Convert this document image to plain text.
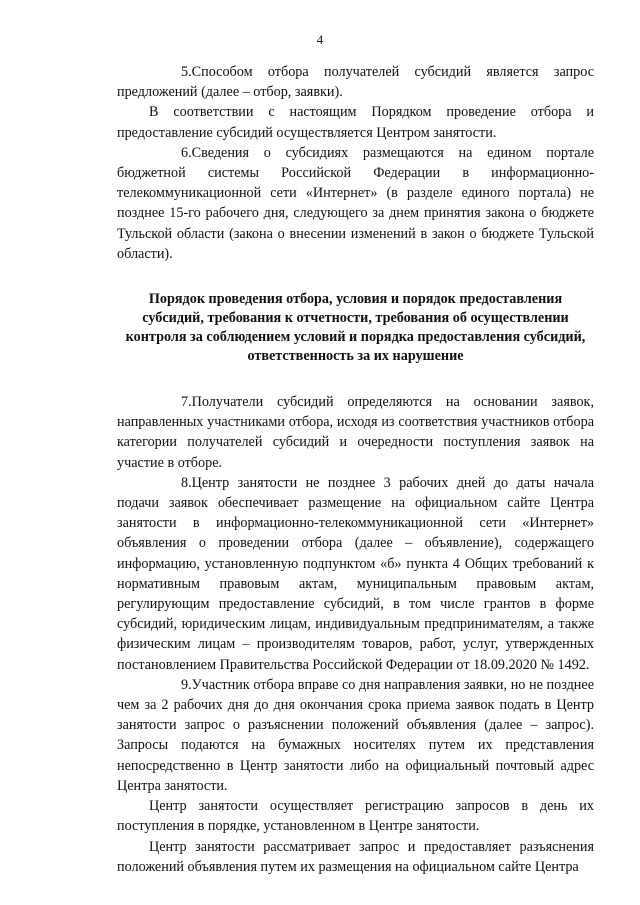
4

5.Способом отбора получателей субсидий является запрос предложений (далее – отбор, заявки).

В соответствии с настоящим Порядком проведение отбора и предоставление субсидий осуществляется Центром занятости.

6.Сведения о субсидиях размещаются на едином портале бюджетной системы Российской Федерации в информационно-телекоммуникационной сети «Интернет» (в разделе единого портала) не позднее 15-го рабочего дня, следующего за днем принятия закона о бюджете Тульской области (закона о внесении изменений в закон о бюджете Тульской области).

Порядок проведения отбора, условия и порядок предоставления субсидий, требования к отчетности, требования об осуществлении контроля за соблюдением условий и порядка предоставления субсидий, ответственность за их нарушение

7.Получатели субсидий определяются на основании заявок, направленных участниками отбора, исходя из соответствия участников отбора категории получателей субсидий и очередности поступления заявок на участие в отборе.

8.Центр занятости не позднее 3 рабочих дней до даты начала подачи заявок обеспечивает размещение на официальном сайте Центра занятости в информационно-телекоммуникационной сети «Интернет» объявления о проведении отбора (далее – объявление), содержащего информацию, установленную подпунктом «б» пункта 4 Общих требований к нормативным правовым актам, муниципальным правовым актам, регулирующим предоставление субсидий, в том числе грантов в форме субсидий, юридическим лицам, индивидуальным предпринимателям, а также физическим лицам – производителям товаров, работ, услуг, утвержденных постановлением Правительства Российской Федерации от 18.09.2020 № 1492.

9.Участник отбора вправе со дня направления заявки, но не позднее чем за 2 рабочих дня до дня окончания срока приема заявок подать в Центр занятости запрос о разъяснении положений объявления (далее – запрос). Запросы подаются на бумажных носителях путем их представления непосредственно в Центр занятости либо на официальный почтовый адрес Центра занятости.

Центр занятости осуществляет регистрацию запросов в день их поступления в порядке, установленном в Центре занятости.

Центр занятости рассматривает запрос и предоставляет разъяснения положений объявления путем их размещения на официальном сайте Центра
